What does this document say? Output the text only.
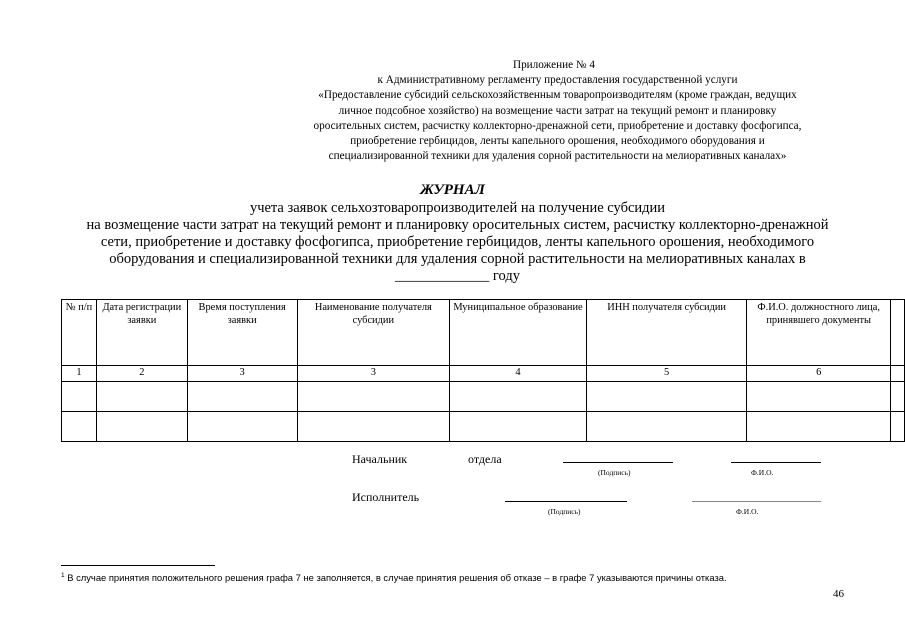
Приложение № 4
к Административному регламенту предоставления государственной услуги
«Предоставление субсидий сельскохозяйственным товаропроизводителям (кроме граждан, ведущих
личное подсобное хозяйство) на возмещение части затрат на текущий ремонт и планировку
оросительных систем, расчистку коллекторно-дренажной сети, приобретение и доставку фосфогипса,
приобретение гербицидов, ленты капельного орошения, необходимого оборудования и
специализированной техники для удаления сорной растительности на мелиоративных каналах»
ЖУРНАЛ
учета заявок сельхозтоваропроизводителей на получение субсидии
на возмещение части затрат на текущий ремонт и планировку оросительных систем, расчистку коллекторно-дренажной
сети, приобретение и доставку фосфогипса, приобретение гербицидов, ленты капельного орошения, необходимого
оборудования и специализированной техники для удаления сорной растительности на мелиоративных каналах в
_____________ году
№ п/п	Дата регистрации заявки	Время поступления заявки	Наименование получателя субсидии	Муниципальное образование	ИНН получателя субсидии	Ф.И.О. должностного лица, принявшего документы	
1	2	3	3	4	5	6	

Начальник	отдела
(Подпись)	Ф.И.О.
Исполнитель
(Подпись)	Ф.И.О.
$^1$ В случае принятия положительного решения графа 7 не заполняется, в случае принятия решения об отказе – в графе 7 указываются причины отказа.
46
